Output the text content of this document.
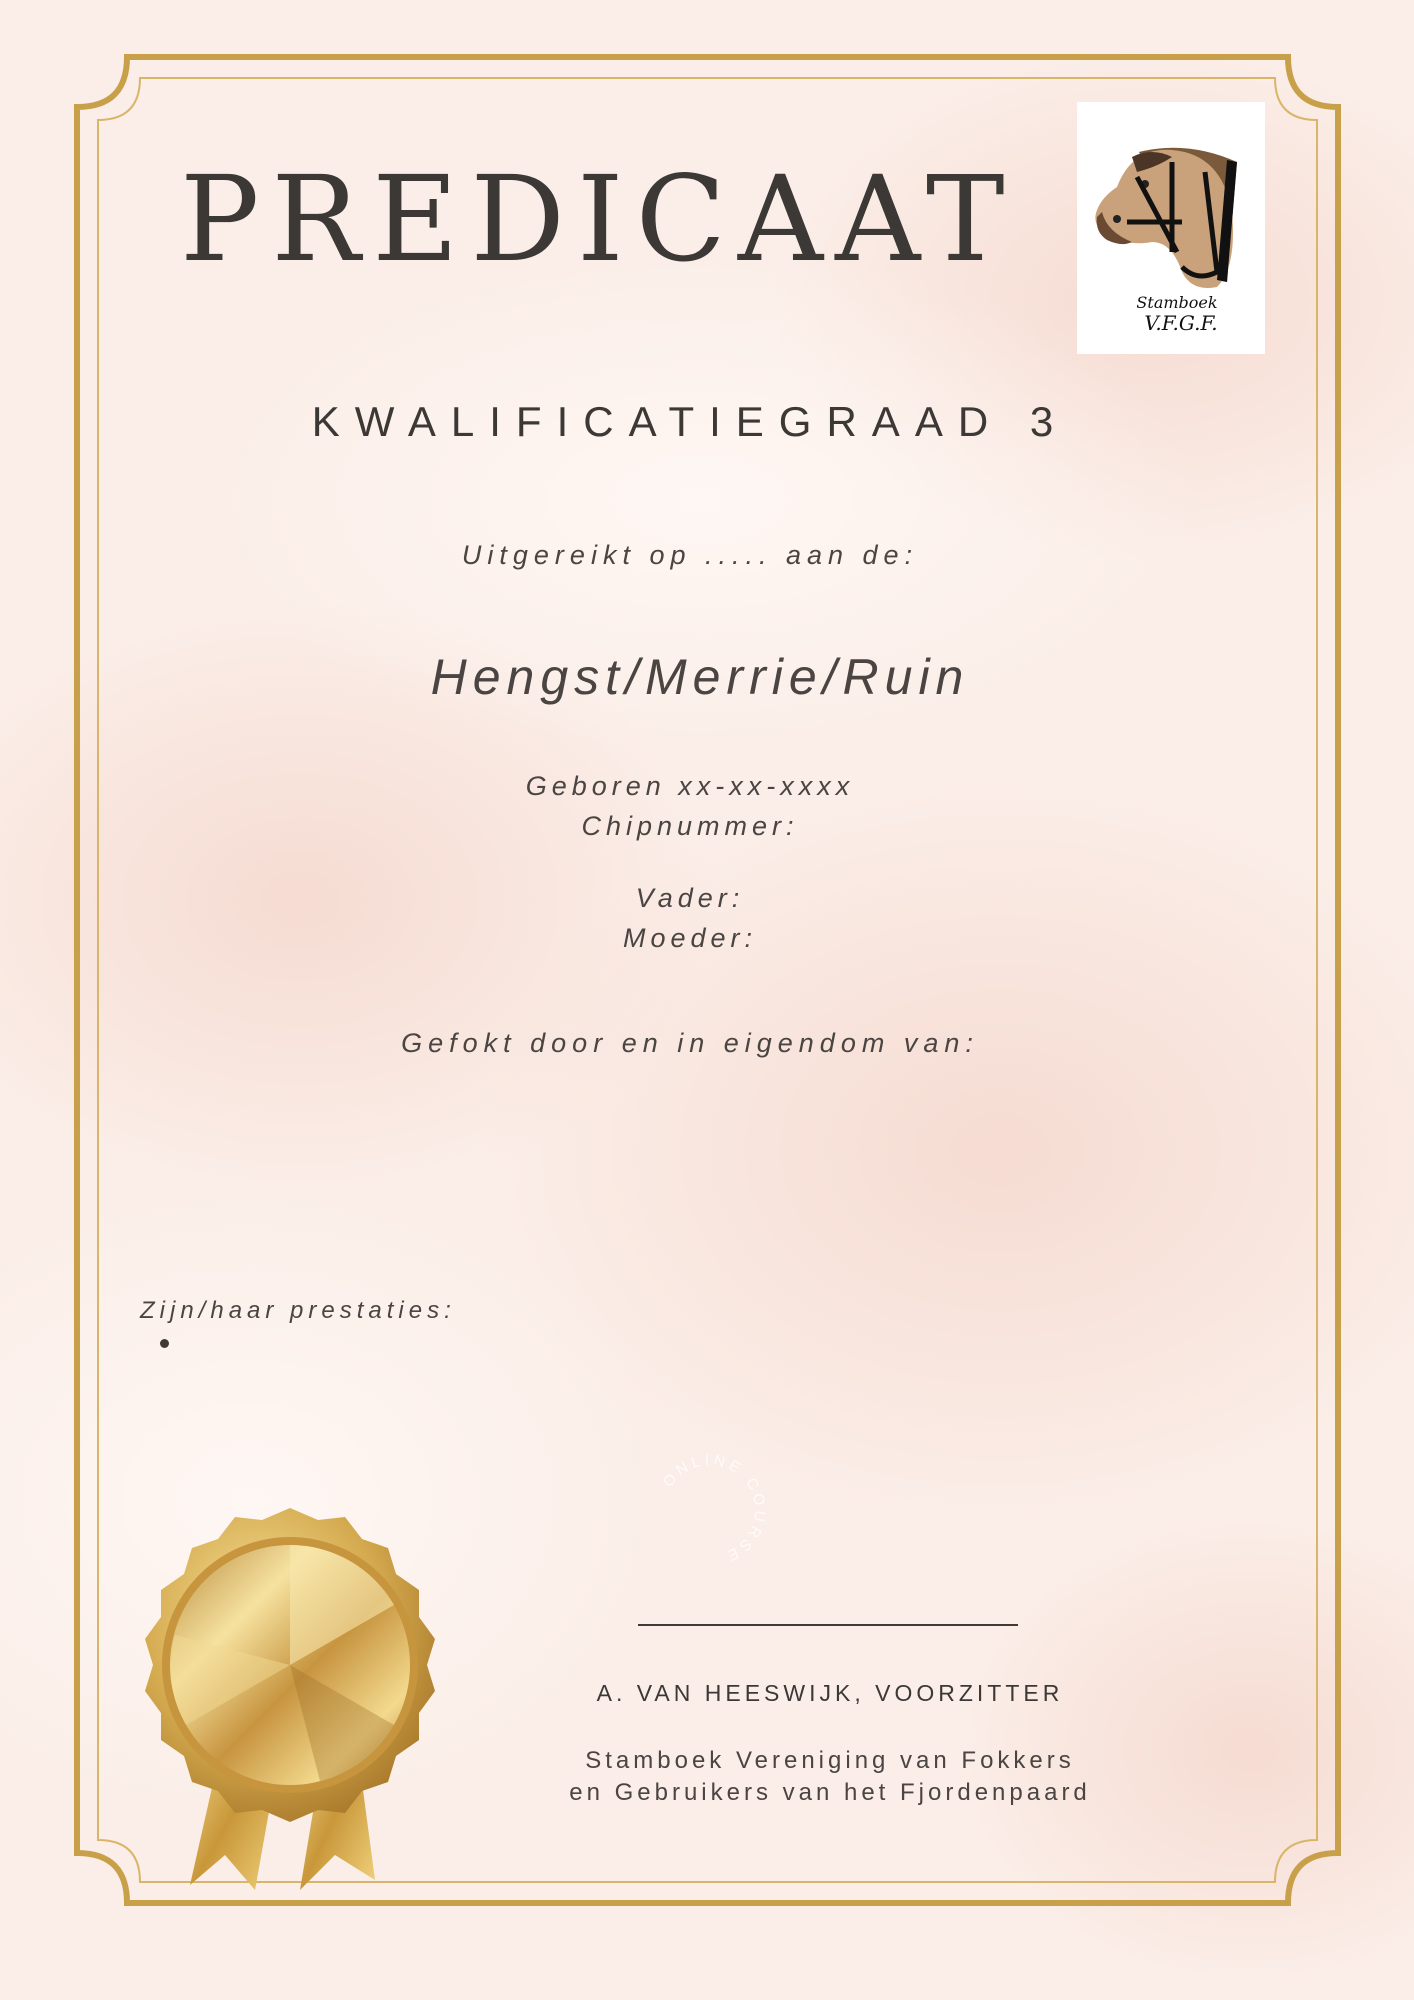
Stamboek
V.F.G.F.
PREDICAAT
KWALIFICATIEGRAAD 3
Uitgereikt op ..... aan de:
Hengst/Merrie/Ruin
Geboren xx-xx-xxxx
Chipnummer:
Vader:
Moeder:
Gefokt door en in eigendom van:
Zijn/haar prestaties:
ONLINE COURSE
A. VAN HEESWIJK, VOORZITTER
Stamboek Vereniging van Fokkers
en Gebruikers van het Fjordenpaard
